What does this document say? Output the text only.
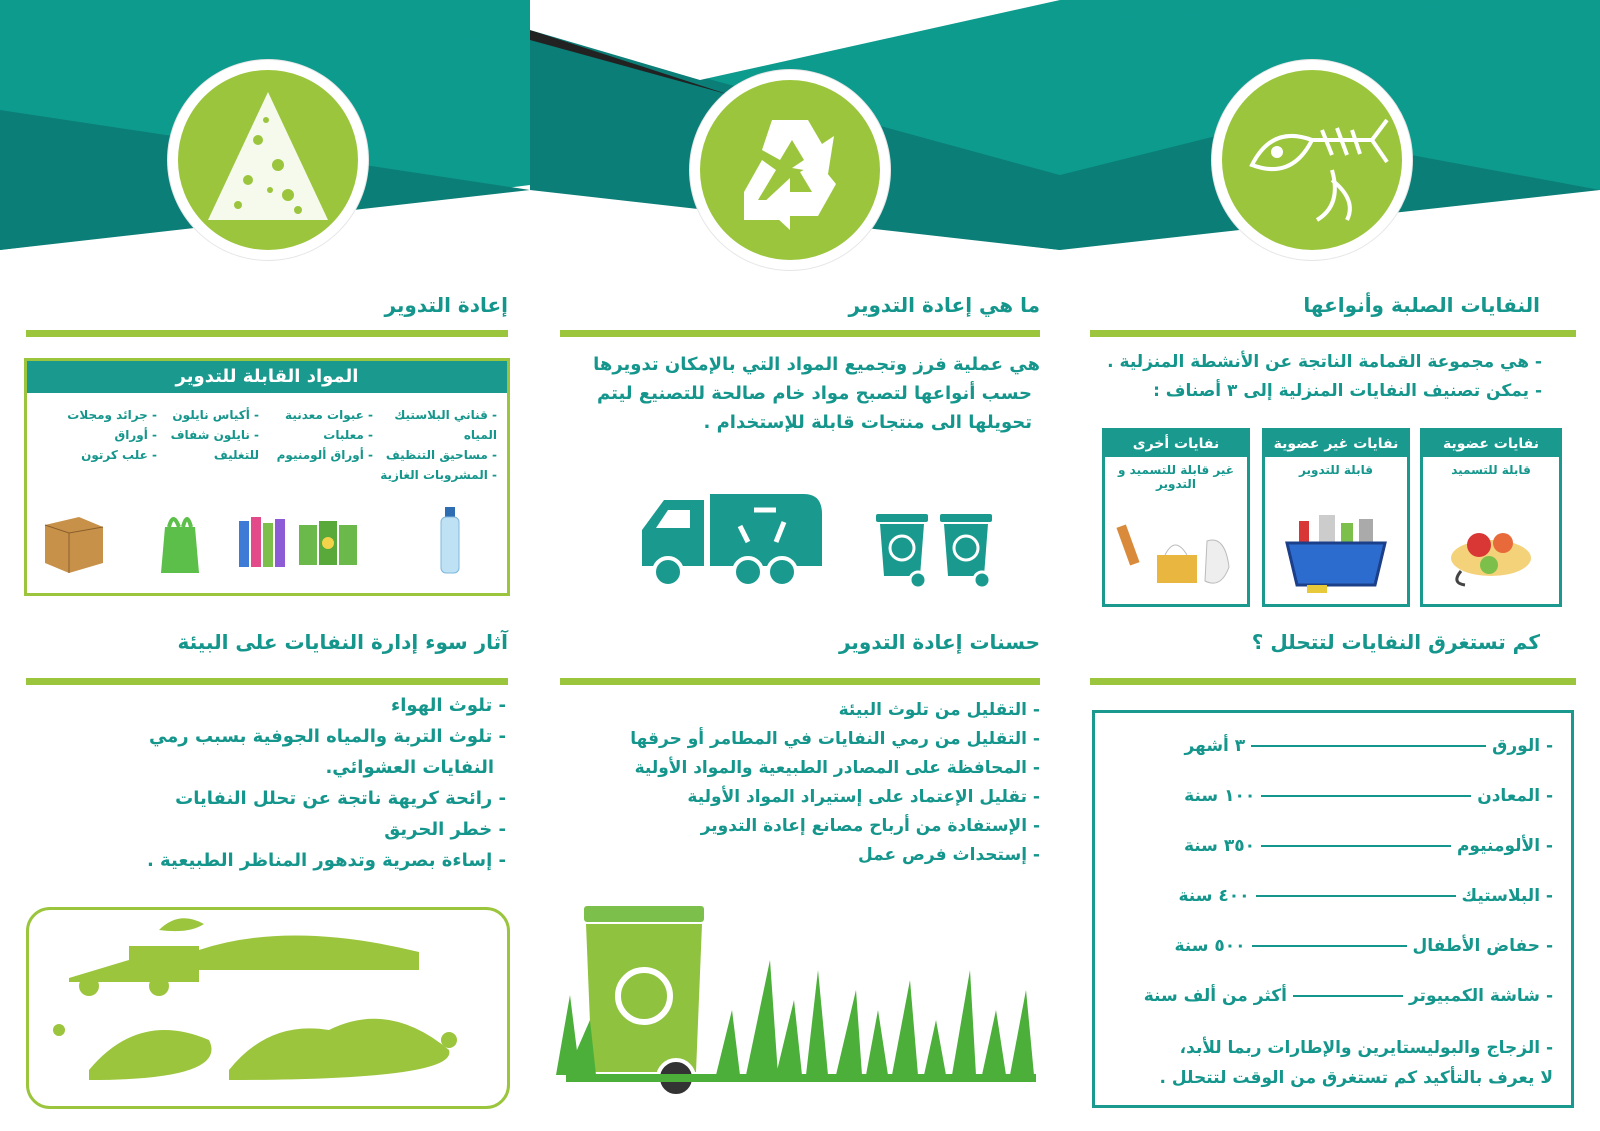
النفايات الصلبة وأنواعها
- هي مجموعة القمامة الناتجة عن الأنشطة المنزلية .
- يمكن تصنيف النفايات المنزلية إلى ٣ أصناف :
نفايات عضوية
قابلة للتسميد
نفايات غير عضوية
قابلة للتدوير
نفايات أخرى
غير قابلة للتسميد و التدوير
كم تستغرق النفايات لتتحلل ؟
- الورق٣ أشهر
- المعادن١٠٠ سنة
- الألومنيوم٣٥٠ سنة
- البلاستيك٤٠٠ سنة
- حفاض الأطفال٥٠٠ سنة
- شاشة الكمبيوترأكثر من ألف سنة
- الزجاج والبوليستايرين والإطارات ربما للأبد،
لا يعرف بالتأكيد كم تستغرق من الوقت لتتحلل .
ما هي إعادة التدوير
هي عملية فرز وتجميع المواد التي بالإمكان تدويرها
حسب أنواعها لتصبح مواد خام صالحة للتصنيع ليتم
تحويلها الى منتجات قابلة للإستخدام .
حسنات إعادة التدوير
- التقليل من تلوث البيئة
- التقليل من رمي النفايات في المطامر أو حرقها
- المحافظة على المصادر الطبيعية والمواد الأولية
- تقليل الإعتماد على إستيراد المواد الأولية
- الإستفادة من أرباح مصانع إعادة التدوير
- إستحداث فرص عمل
إعادة التدوير
المواد القابلة للتدوير
- قناني البلاستيك
المياه
- مساحيق التنظيف
- المشروبات الغازية
- عبوات معدنية
- معلبات
- أوراق ألومنيوم
- أكياس نايلون
- نايلون شفاف
للتغليف
- جرائد ومجلات
- أوراق
- علب كرتون
آثار سوء إدارة النفايات على البيئة
- تلوث الهواء
- تلوث التربة والمياه الجوفية بسبب رمي
النفايات العشوائي.
- رائحة كريهة ناتجة عن تحلل النفايات
- خطر الحريق
- إساءة بصرية وتدهور المناظر الطبيعية .
